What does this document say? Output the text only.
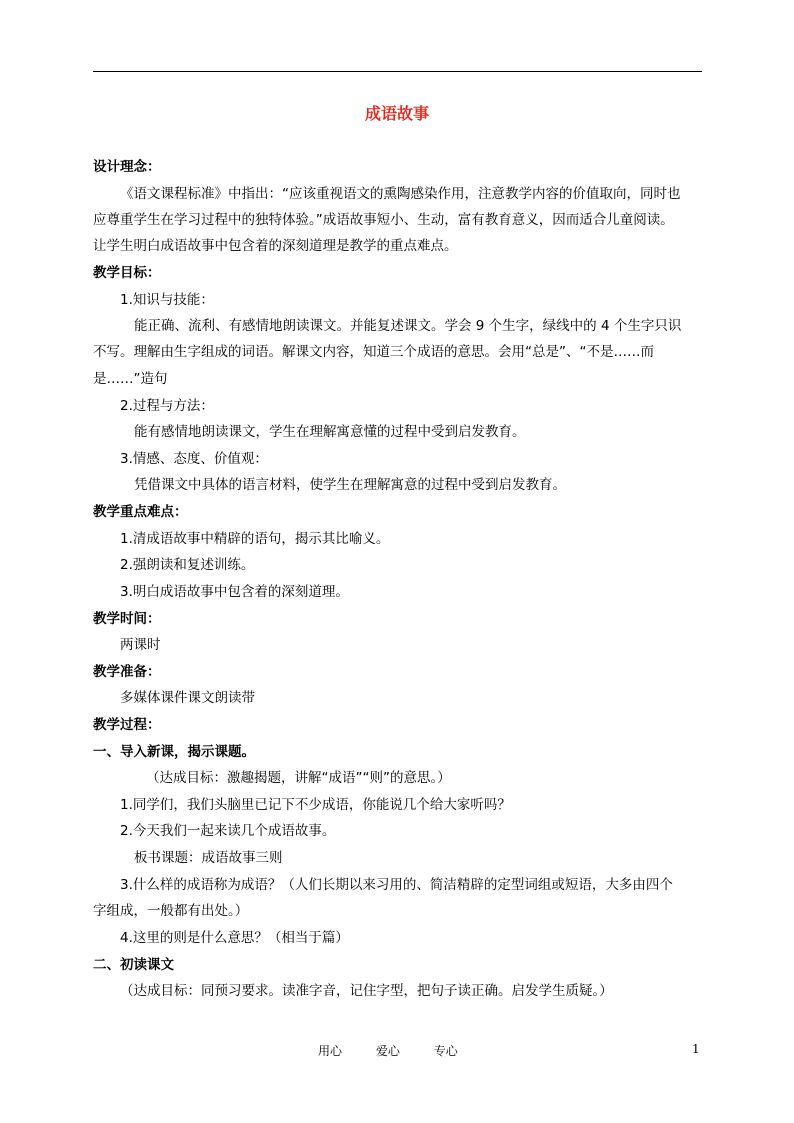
成语故事
设计理念：
《语文课程标准》中指出：“应该重视语文的熏陶感染作用，注意教学内容的价值取向，同时也
应尊重学生在学习过程中的独特体验。”成语故事短小、生动，富有教育意义，因而适合儿童阅读。
让学生明白成语故事中包含着的深刻道理是教学的重点难点。
教学目标：
1.知识与技能：
能正确、流利、有感情地朗读课文。并能复述课文。学会 9 个生字，绿线中的 4 个生字只识
不写。理解由生字组成的词语。解课文内容，知道三个成语的意思。会用“总是”、“不是……而
是……”造句
2.过程与方法：
能有感情地朗读课文，学生在理解寓意懂的过程中受到启发教育。
3.情感、态度、价值观：
凭借课文中具体的语言材料，使学生在理解寓意的过程中受到启发教育。
教学重点难点：
1.清成语故事中精辟的语句，揭示其比喻义。
2.强朗读和复述训练。
3.明白成语故事中包含着的深刻道理。
教学时间：
两课时
教学准备：
多媒体课件课文朗读带
教学过程：
一、导入新课，揭示课题。
（达成目标：激趣揭题，讲解“成语”“则”的意思。）
1.同学们，我们头脑里已记下不少成语，你能说几个给大家听吗？
2.今天我们一起来读几个成语故事。
板书课题：成语故事三则
3.什么样的成语称为成语？（人们长期以来习用的、简洁精辟的定型词组或短语，大多由四个
字组成，一般都有出处。）
4.这里的则是什么意思？（相当于篇）
二、初读课文
（达成目标：同预习要求。读准字音，记住字型，把句子读正确。启发学生质疑。）
用心	爱心	专心	1
